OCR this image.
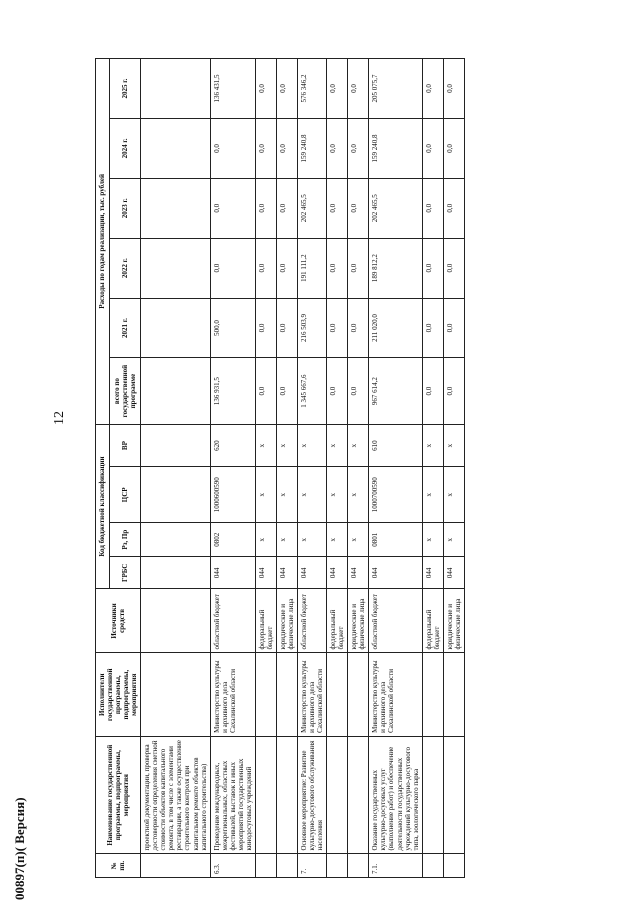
12
00897(п)( Версия)	№ пп.	Наименование государственной программы, подпрограммы, мероприятия	Исполнители государственной программы, подпрограммы, мероприятия	Источники средств	Код бюджетной классификации				Расходы по годам реализации, тыс. рублей					
				ГРБС	Рз, Пр	ЦСР	ВР	всего по государственной программе	2021 г.	2022 г.	2023 г.	2024 г.	2025 г.
	проектной документации, проверка достоверности определения сметной стоимости объектов капитального ремонта, в том числе с элементами реставрации, а также осуществление строительного контроля при капитальном ремонте объектов капитального строительства)												
6.3.	Проведение международных, межрегиональных, областных фестивалей, выставок и иных мероприятий государственных кинодосуговых учреждений	Министерство культуры и архивного дела Сахалинской области	областной бюджет	044	0802	1000600590	620	136 931,5	500,0	0,0	0,0	0,0	136 431,5
			федеральный бюджет	044	x	x	x	0,0	0,0	0,0	0,0	0,0	0,0
			юридические и физические лица	044	x	x	x	0,0	0,0	0,0	0,0	0,0	0,0
7.	Основное мероприятие: Развитие культурно-досугового обслуживания населения	Министерство культуры и архивного дела Сахалинской области	областной бюджет	044	x	x	x	1 345 667,6	216 503,9	191 111,2	202 465,5	159 240,8	576 346,2
			федеральный бюджет	044	x	x	x	0,0	0,0	0,0	0,0	0,0	0,0
			юридические и физические лица	044	x	x	x	0,0	0,0	0,0	0,0	0,0	0,0
7.1.	Оказание государственных культурно-досуговых услуг (выполнение работ) и обеспечение деятельности государственных учреждений культурно-досугового типа, зоологического парка	Министерство культуры и архивного дела Сахалинской области	областной бюджет	044	0801	1000700590	610	967 614,2	211 020,0	189 812,2	202 465,5	159 240,8	205 075,7
			федеральный бюджет	044	x	x	x	0,0	0,0	0,0	0,0	0,0	0,0
			юридические и физические лица	044	x	x	x	0,0	0,0	0,0	0,0	0,0	0,0
